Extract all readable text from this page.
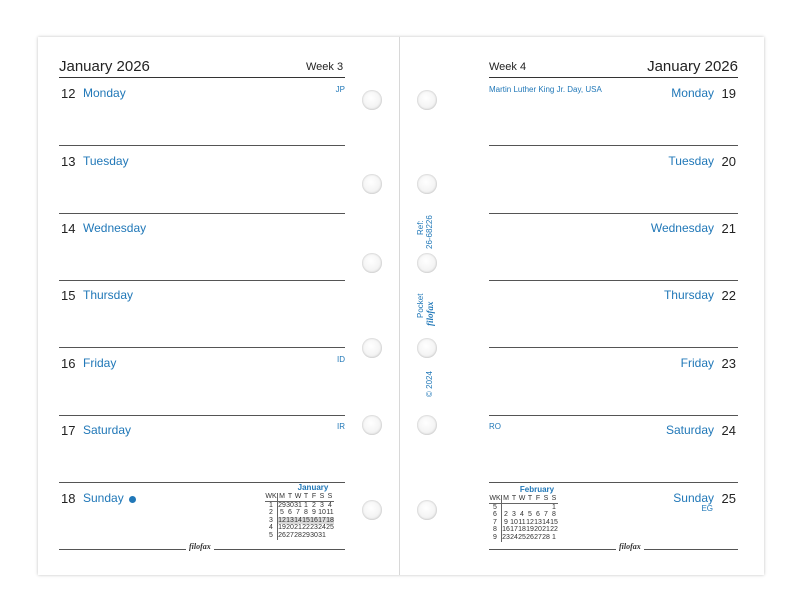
January 2026	Week 3
12 Monday	JP
13 Tuesday
14 Wednesday
15 Thursday
16 Friday	ID
17 Saturday	IR
18 Sunday
January
WK	M	T	W	T	F	S	S
1	29	30	31	1	2	3	4
2	5	6	7	8	9	10	11
3	12	13	14	15	16	17	18
4	19	20	21	22	23	24	25
5	26	27	28	29	30	31	
filofax
Ref: 26-68226
Pocket filofax
© 2024
Week 4	January 2026
Martin Luther King Jr. Day, USA	Monday 19
Tuesday 20
Wednesday 21
Thursday 22
Friday 23
RO	Saturday 24
Sunday 25
EG
February
WK	M	T	W	T	F	S	S
5							1
6	2	3	4	5	6	7	8
7	9	10	11	12	13	14	15
8	16	17	18	19	20	21	22
9	23	24	25	26	27	28	1
filofax
